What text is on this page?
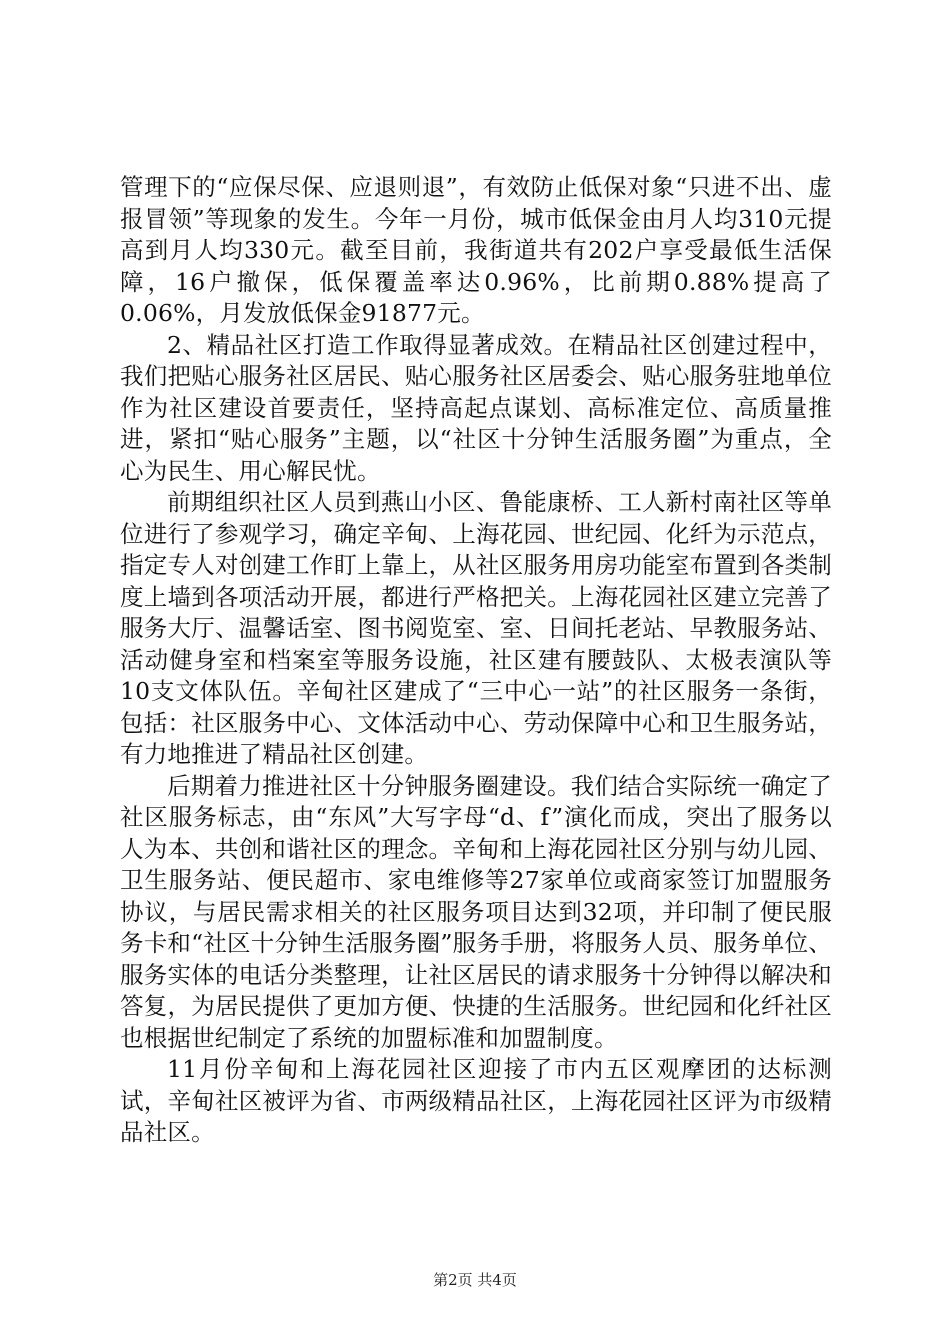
管理下的“应保尽保、应退则退”，有效防止低保对象“只进不出、虚报冒领”等现象的发生。今年一月份，城市低保金由月人均310元提高到月人均330元。截至目前，我街道共有202户享受最低生活保障，16户撤保，低保覆盖率达0.96%，比前期0.88%提高了0.06%，月发放低保金91877元。

2、精品社区打造工作取得显著成效。在精品社区创建过程中，我们把贴心服务社区居民、贴心服务社区居委会、贴心服务驻地单位作为社区建设首要责任，坚持高起点谋划、高标准定位、高质量推进，紧扣“贴心服务”主题，以“社区十分钟生活服务圈”为重点，全心为民生、用心解民忧。

前期组织社区人员到燕山小区、鲁能康桥、工人新村南社区等单位进行了参观学习，确定辛甸、上海花园、世纪园、化纤为示范点，指定专人对创建工作盯上靠上，从社区服务用房功能室布置到各类制度上墙到各项活动开展，都进行严格把关。上海花园社区建立完善了服务大厅、温馨话室、图书阅览室、室、日间托老站、早教服务站、活动健身室和档案室等服务设施，社区建有腰鼓队、太极表演队等10支文体队伍。辛甸社区建成了“三中心一站”的社区服务一条街，包括：社区服务中心、文体活动中心、劳动保障中心和卫生服务站，有力地推进了精品社区创建。

后期着力推进社区十分钟服务圈建设。我们结合实际统一确定了社区服务标志，由“东风”大写字母“d、f”演化而成，突出了服务以人为本、共创和谐社区的理念。辛甸和上海花园社区分别与幼儿园、卫生服务站、便民超市、家电维修等27家单位或商家签订加盟服务协议，与居民需求相关的社区服务项目达到32项，并印制了便民服务卡和“社区十分钟生活服务圈”服务手册，将服务人员、服务单位、服务实体的电话分类整理，让社区居民的请求服务十分钟得以解决和答复，为居民提供了更加方便、快捷的生活服务。世纪园和化纤社区也根据世纪制定了系统的加盟标准和加盟制度。

11月份辛甸和上海花园社区迎接了市内五区观摩团的达标测试，辛甸社区被评为省、市两级精品社区，上海花园社区评为市级精品社区。

第2页 共4页
